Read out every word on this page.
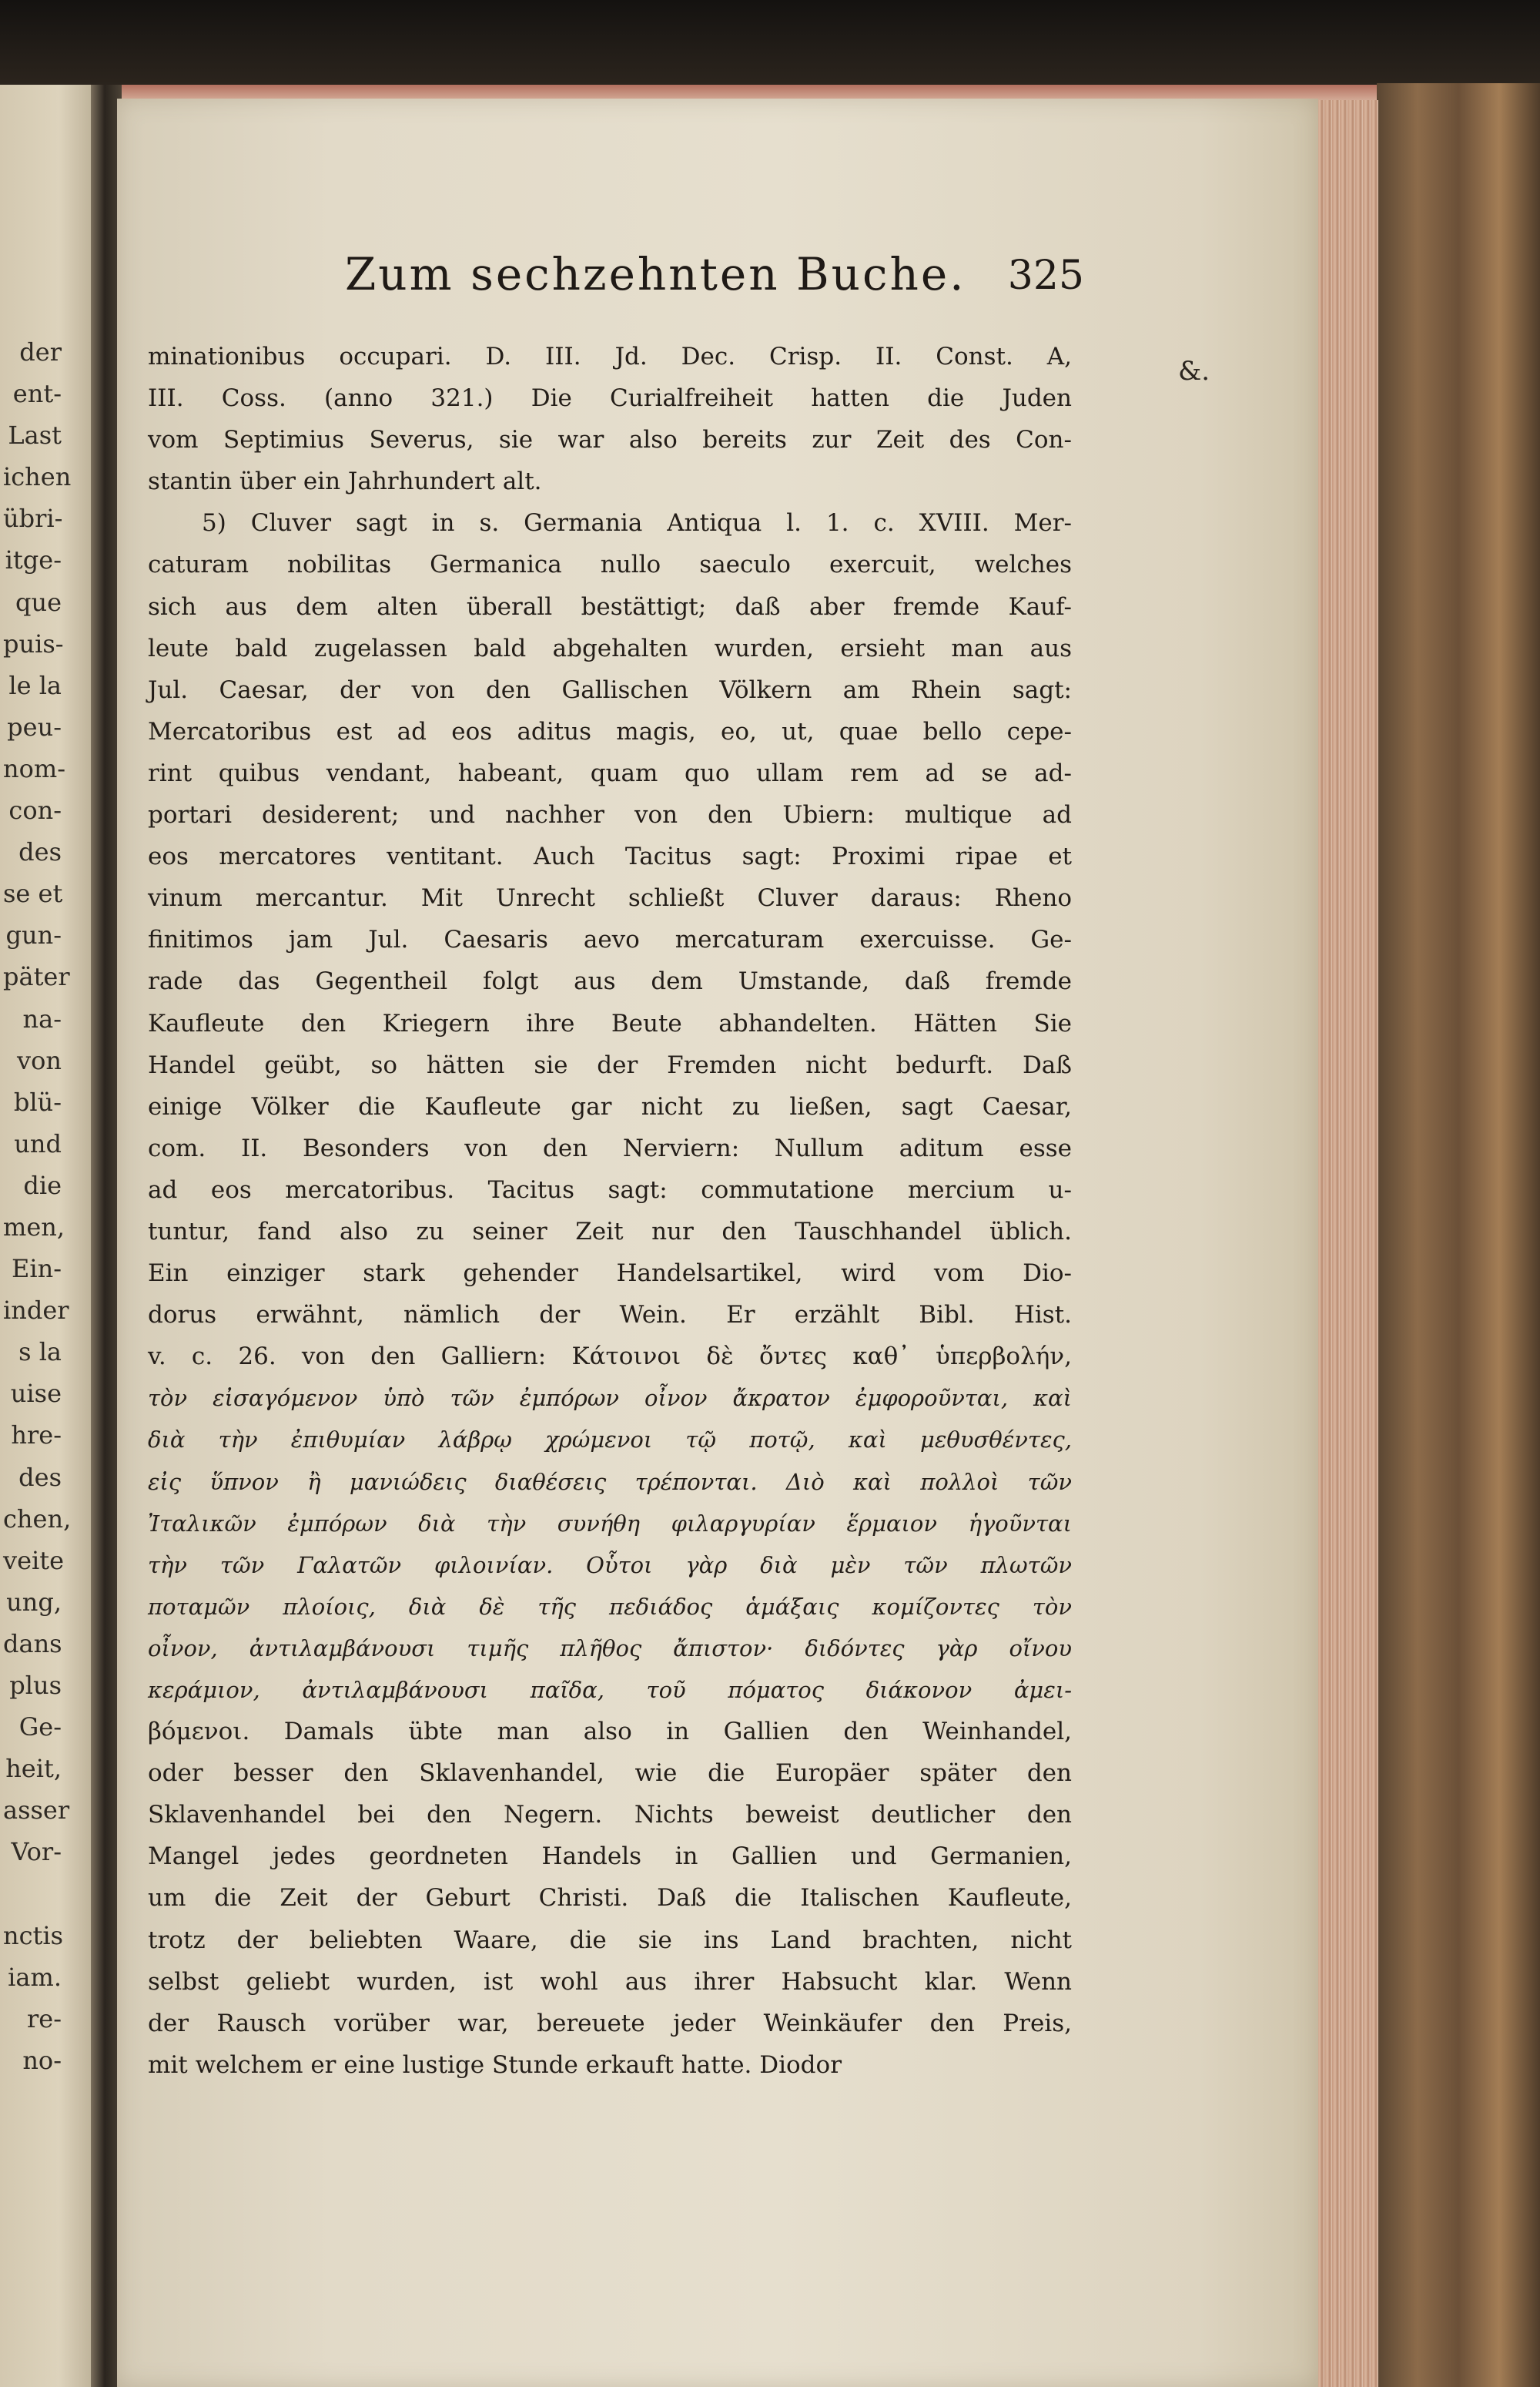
der
ent-
Last
ichen
übri-
itge-
que
puis-
le la
peu-
nom-
con-
des
se et
gun-
päter
na-
von
blü-
und
die
men,
Ein-
inder
s la
uise
hre-
des
chen,
veite
ung,
dans
plus
Ge-
heit,
asser
Vor-

nctis
iam.
re-
no-
Zum sechzehnten Buche. 325
&.
minationibus occupari. D. III. Jd. Dec. Crisp. II. Const. A,
III. Coss. (anno 321.) Die Curialfreiheit hatten die Juden
vom Septimius Severus, sie war also bereits zur Zeit des Con-
stantin über ein Jahrhundert alt.
5) Cluver sagt in s. Germania Antiqua l. 1. c. XVIII. Mer-
caturam nobilitas Germanica nullo saeculo exercuit, welches
sich aus dem alten überall bestättigt; daß aber fremde Kauf-
leute bald zugelassen bald abgehalten wurden, ersieht man aus
Jul. Caesar, der von den Gallischen Völkern am Rhein sagt:
Mercatoribus est ad eos aditus magis, eo, ut, quae bello cepe-
rint quibus vendant, habeant, quam quo ullam rem ad se ad-
portari desiderent; und nachher von den Ubiern: multique ad
eos mercatores ventitant. Auch Tacitus sagt: Proximi ripae et
vinum mercantur. Mit Unrecht schließt Cluver daraus: Rheno
finitimos jam Jul. Caesaris aevo mercaturam exercuisse. Ge-
rade das Gegentheil folgt aus dem Umstande, daß fremde
Kaufleute den Kriegern ihre Beute abhandelten. Hätten Sie
Handel geübt, so hätten sie der Fremden nicht bedurft. Daß
einige Völker die Kaufleute gar nicht zu ließen, sagt Caesar,
com. II. Besonders von den Nerviern: Nullum aditum esse
ad eos mercatoribus. Tacitus sagt: commutatione mercium u-
tuntur, fand also zu seiner Zeit nur den Tauschhandel üblich.
Ein einziger stark gehender Handelsartikel, wird vom Dio-
dorus erwähnt, nämlich der Wein. Er erzählt Bibl. Hist.
v. c. 26. von den Galliern: Κάτοινοι δὲ ὄντες καθ᾽ ὑπερβολήν,
τὸν εἰσαγόμενον ὑπὸ τῶν ἐμπόρων οἶνον ἄκρατον ἐμφοροῦνται, καὶ
διὰ τὴν ἐπιθυμίαν λάβρῳ χρώμενοι τῷ ποτῷ, καὶ μεθυσθέντες,
εἰς ὕπνον ἢ μανιώδεις διαθέσεις τρέπονται. Διὸ καὶ πολλοὶ τῶν
Ἰταλικῶν ἐμπόρων διὰ τὴν συνήθη φιλαργυρίαν ἕρμαιον ἡγοῦνται
τὴν τῶν Γαλατῶν φιλοινίαν. Οὗτοι γὰρ διὰ μὲν τῶν πλωτῶν
ποταμῶν πλοίοις, διὰ δὲ τῆς πεδιάδος ἁμάξαις κομίζοντες τὸν
οἶνον, ἀντιλαμβάνουσι τιμῆς πλῆθος ἄπιστον· διδόντες γὰρ οἴνου
κεράμιον, ἀντιλαμβάνουσι παῖδα, τοῦ πόματος διάκονον ἀμει-
βόμενοι. Damals übte man also in Gallien den Weinhandel,
oder besser den Sklavenhandel, wie die Europäer später den
Sklavenhandel bei den Negern. Nichts beweist deutlicher den
Mangel jedes geordneten Handels in Gallien und Germanien,
um die Zeit der Geburt Christi. Daß die Italischen Kaufleute,
trotz der beliebten Waare, die sie ins Land brachten, nicht
selbst geliebt wurden, ist wohl aus ihrer Habsucht klar. Wenn
der Rausch vorüber war, bereuete jeder Weinkäufer den Preis,
mit welchem er eine lustige Stunde erkauft hatte. Diodor
